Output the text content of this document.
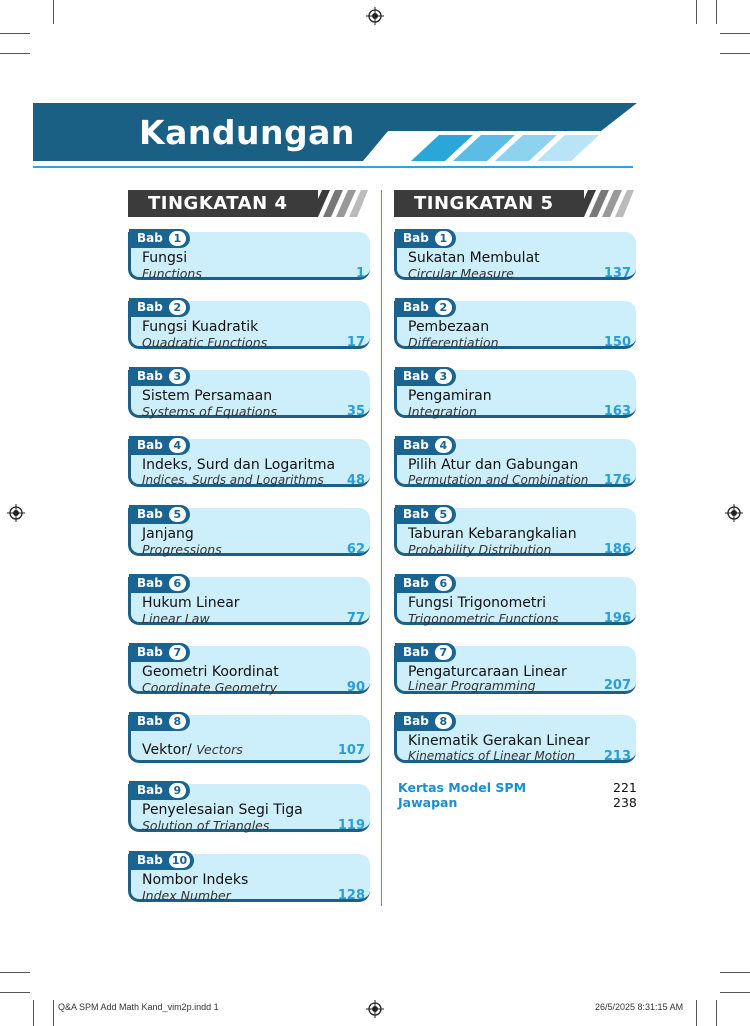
Kandungan
TINGKATAN 4	TINGKATAN 5
Bab 1
Fungsi
Functions	1
Bab 2
Fungsi Kuadratik
Quadratic Functions	17
Bab 3
Sistem Persamaan
Systems of Equations	35
Bab 4
Indeks, Surd dan Logaritma
Indices, Surds and Logarithms 48
Bab 5
Janjang
Progressions	62
Bab 6
Hukum Linear
Linear Law	77
Bab 7
Geometri Koordinat
Coordinate Geometry	90
Bab 8
Vektor/ Vectors	107
Bab 9
Penyelesaian Segi Tiga
Solution of Triangles	119
Bab 10
Nombor Indeks
Index Number	128
Bab 1
Sukatan Membulat
Circular Measure	137
Bab 2
Pembezaan
Differentiation	150
Bab 3
Pengamiran
Integration	163
Bab 4
Pilih Atur dan Gabungan
Permutation and Combination 176
Bab 5
Taburan Kebarangkalian
Probability Distribution	186
Bab 6
Fungsi Trigonometri
Trigonometric Functions	196
Bab 7
Pengaturcaraan Linear
Linear Programming	207
Bab 8
Kinematik Gerakan Linear
Kinematics of Linear Motion 213
Kertas Model SPM	221
Jawapan	238
Q&A SPM Add Math Kand_vim2p.indd 1	26/5/2025 8:31:15 AM
